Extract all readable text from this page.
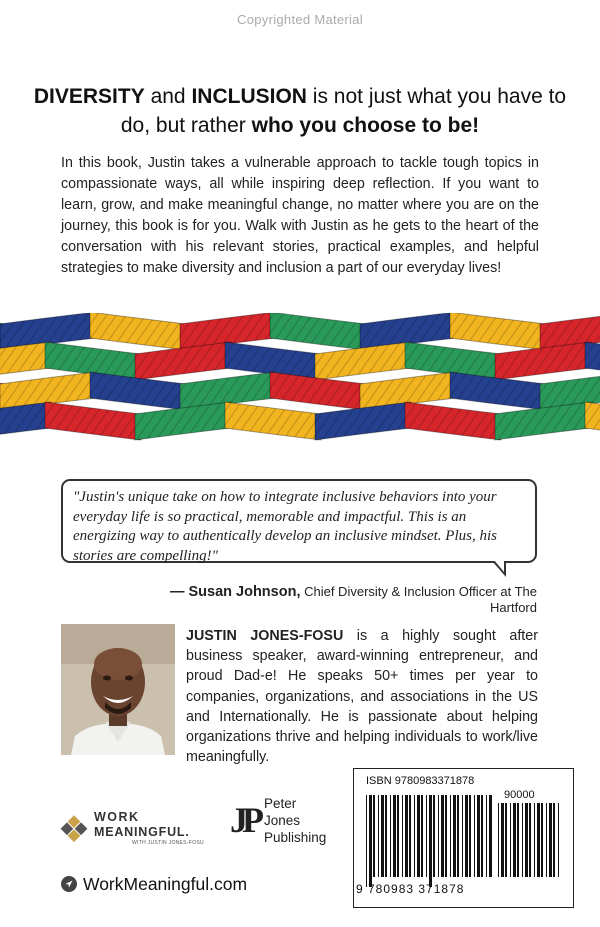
Copyrighted Material
DIVERSITY and INCLUSION is not just what you have to do, but rather who you choose to be!
In this book, Justin takes a vulnerable approach to tackle tough topics in compassionate ways, all while inspiring deep reflection. If you want to learn, grow, and make meaningful change, no matter where you are on the journey, this book is for you. Walk with Justin as he gets to the heart of the conversation with his relevant stories, practical examples, and helpful strategies to make diversity and inclusion a part of our everyday lives!
"Justin's unique take on how to integrate inclusive behaviors into your everyday life is so practical, memorable and impactful. This is an energizing way to authentically develop an inclusive mindset. Plus, his stories are compelling!"
— Susan Johnson, Chief Diversity & Inclusion Officer at The Hartford
JUSTIN JONES-FOSU is a highly sought after business speaker, award-winning entrepreneur, and proud Dad-e! He speaks 50+ times per year to companies, organizations, and associations in the US and Internationally. He is passionate about helping organizations thrive and helping individuals to work/live meaningfully.
WORK
MEANINGFUL.
WITH JUSTIN JONES-FOSU
JP Peter
Jones
Publishing
WorkMeaningful.com
ISBN 9780983371878
90000
9 780983 371878
